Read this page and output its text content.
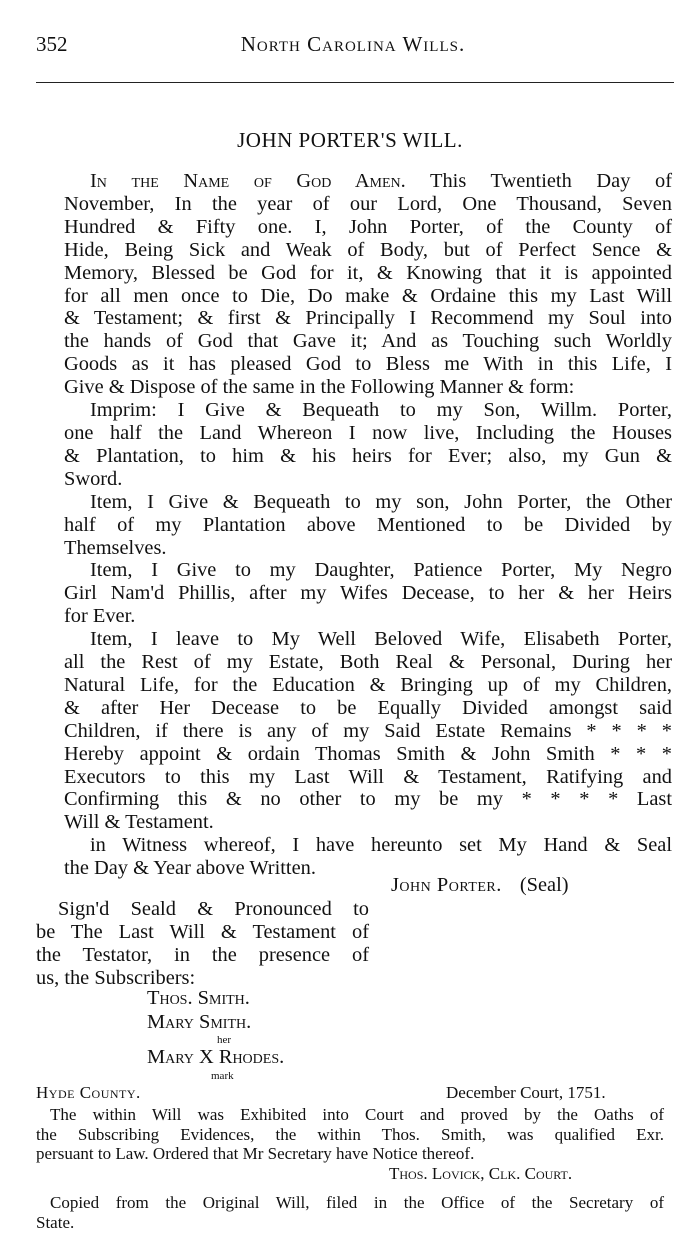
352	North Carolina Wills.
JOHN PORTER'S WILL.

In the Name of God Amen. This Twentieth Day of

November, In the year of our Lord, One Thousand, Seven

Hundred & Fifty one. I, John Porter, of the County of

Hide, Being Sick and Weak of Body, but of Perfect Sence &

Memory, Blessed be God for it, & Knowing that it is appointed

for all men once to Die, Do make & Ordaine this my Last Will

& Testament; & first & Principally I Recommend my Soul into

the hands of God that Gave it; And as Touching such Worldly

Goods as it has pleased God to Bless me With in this Life, I

Give & Dispose of the same in the Following Manner & form:

Imprim: I Give & Bequeath to my Son, Willm. Porter,

one half the Land Whereon I now live, Including the Houses

& Plantation, to him & his heirs for Ever; also, my Gun &

Sword.

Item, I Give & Bequeath to my son, John Porter, the Other

half of my Plantation above Mentioned to be Divided by

Themselves.

Item, I Give to my Daughter, Patience Porter, My Negro

Girl Nam'd Phillis, after my Wifes Decease, to her & her Heirs

for Ever.

Item, I leave to My Well Beloved Wife, Elisabeth Porter,

all the Rest of my Estate, Both Real & Personal, During her

Natural Life, for the Education & Bringing up of my Children,

& after Her Decease to be Equally Divided amongst said

Children, if there is any of my Said Estate Remains * * * *

Hereby appoint & ordain Thomas Smith & John Smith * * *

Executors to this my Last Will & Testament, Ratifying and

Confirming this & no other to my be my * * * * Last

Will & Testament.

in Witness whereof, I have hereunto set My Hand & Seal

the Day & Year above Written.

John Porter. (Seal)

Sign'd Seald & Pronounced to

be The Last Will & Testament of

the Testator, in the presence of

us, the Subscribers:

Thos. Smith.
Mary Smith.
her
Mary X Rhodes.
mark
Hyde County.	December Court, 1751.

The within Will was Exhibited into Court and proved by the Oaths of

the Subscribing Evidences, the within Thos. Smith, was qualified Exr.

persuant to Law. Ordered that Mr Secretary have Notice thereof.

Thos. Lovick, Clk. Court.

Copied from the Original Will, filed in the Office of the Secretary of

State.
